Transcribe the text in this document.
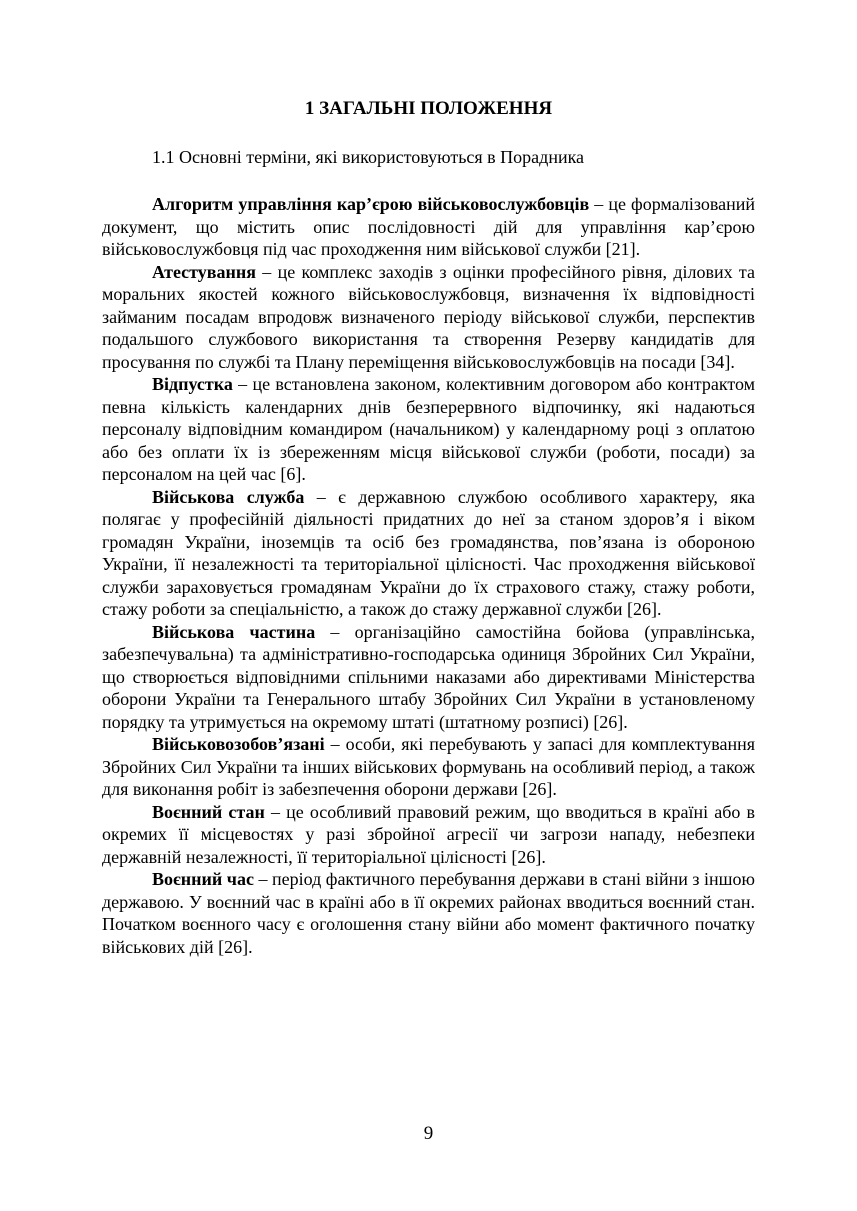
1 ЗАГАЛЬНІ ПОЛОЖЕННЯ

1.1 Основні терміни, які використовуються в Порадника

Алгоритм управління кар’єрою військовослужбовців – це формалізований документ, що містить опис послідовності дій для управління кар’єрою військовослужбовця під час проходження ним військової служби [21].

Атестування – це комплекс заходів з оцінки професійного рівня, ділових та моральних якостей кожного військовослужбовця, визначення їх відповідності займаним посадам впродовж визначеного періоду військової служби, перспектив подальшого службового використання та створення Резерву кандидатів для просування по службі та Плану переміщення військовослужбовців на посади [34].

Відпустка – це встановлена законом, колективним договором або контрактом певна кількість календарних днів безперервного відпочинку, які надаються персоналу відповідним командиром (начальником) у календарному році з оплатою або без оплати їх із збереженням місця військової служби (роботи, посади) за персоналом на цей час [6].

Військова служба – є державною службою особливого характеру, яка полягає у професійній діяльності придатних до неї за станом здоров’я і віком громадян України, іноземців та осіб без громадянства, пов’язана із обороною України, її незалежності та територіальної цілісності. Час проходження військової служби зараховується громадянам України до їх страхового стажу, стажу роботи, стажу роботи за спеціальністю, а також до стажу державної служби [26].

Військова частина – організаційно самостійна бойова (управлінська, забезпечувальна) та адміністративно-господарська одиниця Збройних Сил України, що створюється відповідними спільними наказами або директивами Міністерства оборони України та Генерального штабу Збройних Сил України в установленому порядку та утримується на окремому штаті (штатному розписі) [26].

Військовозобов’язані – особи, які перебувають у запасі для комплектування Збройних Сил України та інших військових формувань на особливий період, а також для виконання робіт із забезпечення оборони держави [26].

Воєнний стан – це особливий правовий режим, що вводиться в країні або в окремих її місцевостях у разі збройної агресії чи загрози нападу, небезпеки державній незалежності, її територіальної цілісності [26].

Воєнний час – період фактичного перебування держави в стані війни з іншою державою. У воєнний час в країні або в її окремих районах вводиться воєнний стан. Початком воєнного часу є оголошення стану війни або момент фактичного початку військових дій [26].

9
